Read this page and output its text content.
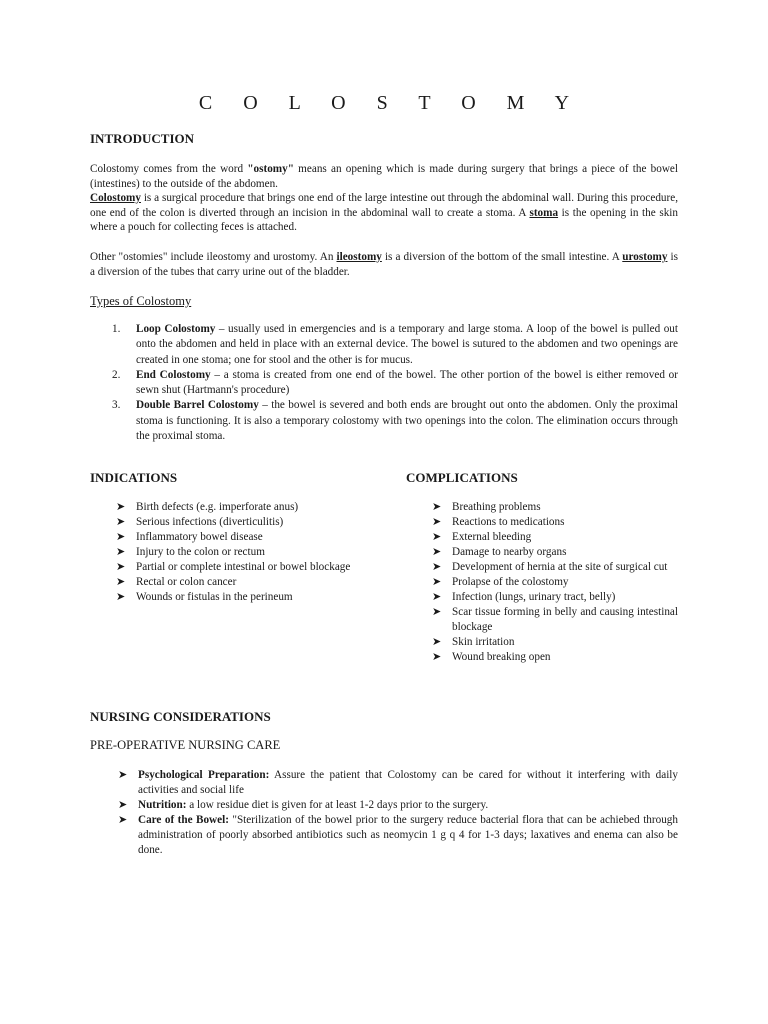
C O L O S T O M Y
INTRODUCTION

Colostomy comes from the word "ostomy" means an opening which is made during surgery that brings a piece of the bowel (intestines) to the outside of the abdomen.

Colostomy is a surgical procedure that brings one end of the large intestine out through the abdominal wall. During this procedure, one end of the colon is diverted through an incision in the abdominal wall to create a stoma. A stoma is the opening in the skin where a pouch for collecting feces is attached.

Other "ostomies" include ileostomy and urostomy. An ileostomy is a diversion of the bottom of the small intestine. A urostomy is a diversion of the tubes that carry urine out of the bladder.

Types of Colostomy
1. Loop Colostomy – usually used in emergencies and is a temporary and large stoma. A loop of the bowel is pulled out onto the abdomen and held in place with an external device. The bowel is sutured to the abdomen and two openings are created in one stoma; one for stool and the other is for mucus.
2. End Colostomy – a stoma is created from one end of the bowel. The other portion of the bowel is either removed or sewn shut (Hartmann's procedure)
3. Double Barrel Colostomy – the bowel is severed and both ends are brought out onto the abdomen. Only the proximal stoma is functioning. It is also a temporary colostomy with two openings into the colon. The elimination occurs through the proximal stoma.
INDICATIONS	COMPLICATIONS
➤ Birth defects (e.g. imperforate anus)
➤ Serious infections (diverticulitis)
➤ Inflammatory bowel disease
➤ Injury to the colon or rectum
➤ Partial or complete intestinal or bowel blockage
➤ Rectal or colon cancer
➤ Wounds or fistulas in the perineum
➤ Breathing problems
➤ Reactions to medications
➤ External bleeding
➤ Damage to nearby organs
➤ Development of hernia at the site of surgical cut
➤ Prolapse of the colostomy
➤ Infection (lungs, urinary tract, belly)
➤ Scar tissue forming in belly and causing intestinal blockage
➤ Skin irritation
➤ Wound breaking open
NURSING CONSIDERATIONS
PRE-OPERATIVE NURSING CARE
➤ Psychological Preparation: Assure the patient that Colostomy can be cared for without it interfering with daily activities and social life
➤ Nutrition: a low residue diet is given for at least 1-2 days prior to the surgery.
➤ Care of the Bowel: "Sterilization of the bowel prior to the surgery reduce bacterial flora that can be achiebed through administration of poorly absorbed antibiotics such as neomycin 1 g q 4 for 1-3 days; laxatives and enema can also be done.
